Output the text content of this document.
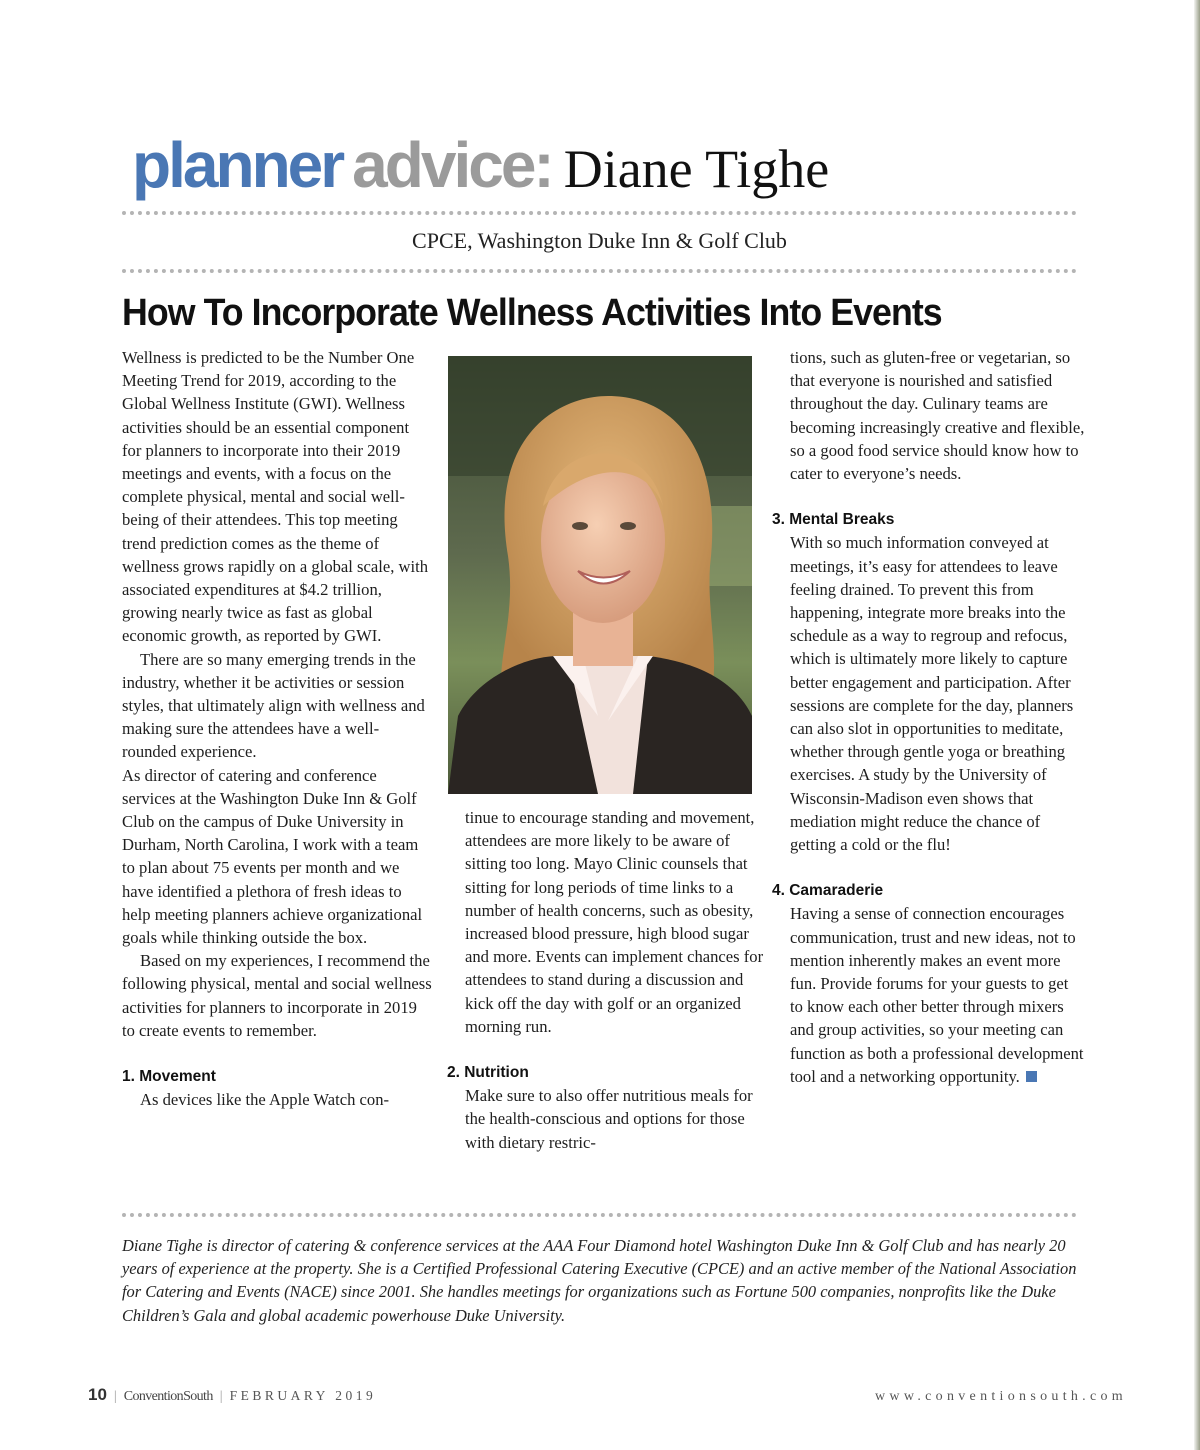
planner advice: Diane Tighe
CPCE, Washington Duke Inn & Golf Club
How To Incorporate Wellness Activities Into Events

Wellness is predicted to be the Number One Meeting Trend for 2019, according to the Global Wellness Institute (GWI). Wellness activities should be an essential component for planners to incorporate into their 2019 meetings and events, with a focus on the complete physical, mental and social well-being of their attendees. This top meeting trend prediction comes as the theme of wellness grows rapidly on a global scale, with associated expenditures at $4.2 trillion, growing nearly twice as fast as global economic growth, as reported by GWI.

There are so many emerging trends in the industry, whether it be activities or session styles, that ultimately align with wellness and making sure the attendees have a well-rounded experience.

As director of catering and conference services at the Washington Duke Inn & Golf Club on the campus of Duke University in Durham, North Carolina, I work with a team to plan about 75 events per month and we have identified a plethora of fresh ideas to help meeting planners achieve organizational goals while thinking outside the box.

Based on my experiences, I recommend the following physical, mental and social wellness activities for planners to incorporate in 2019 to create events to remember.

1. Movement

As devices like the Apple Watch con-

tinue to encourage standing and movement, attendees are more likely to be aware of sitting too long. Mayo Clinic counsels that sitting for long periods of time links to a number of health concerns, such as obesity, increased blood pressure, high blood sugar and more. Events can implement chances for attendees to stand during a discussion and kick off the day with golf or an organized morning run.

2. Nutrition

Make sure to also offer nutritious meals for the health-conscious and options for those with dietary restric-

tions, such as gluten-free or vegetarian, so that everyone is nourished and satisfied throughout the day. Culinary teams are becoming increasingly creative and flexible, so a good food service should know how to cater to everyone’s needs.

3. Mental Breaks

With so much information conveyed at meetings, it’s easy for attendees to leave feeling drained. To prevent this from happening, integrate more breaks into the schedule as a way to regroup and refocus, which is ultimately more likely to capture better engagement and participation. After sessions are complete for the day, planners can also slot in opportunities to meditate, whether through gentle yoga or breathing exercises. A study by the University of Wisconsin-Madison even shows that mediation might reduce the chance of getting a cold or the flu!

4. Camaraderie

Having a sense of connection encourages communication, trust and new ideas, not to mention inherently makes an event more fun. Provide forums for your guests to get to know each other better through mixers and group activities, so your meeting can function as both a professional development tool and a networking opportunity.

Diane Tighe is director of catering & conference services at the AAA Four Diamond hotel Washington Duke Inn & Golf Club and has nearly 20 years of experience at the property. She is a Certified Professional Catering Executive (CPCE) and an active member of the National Association for Catering and Events (NACE) since 2001. She handles meetings for organizations such as Fortune 500 companies, nonprofits like the Duke Children’s Gala and global academic powerhouse Duke University.
10 | ConventionSouth | FEBRUARY 2019	www.conventionsouth.com
